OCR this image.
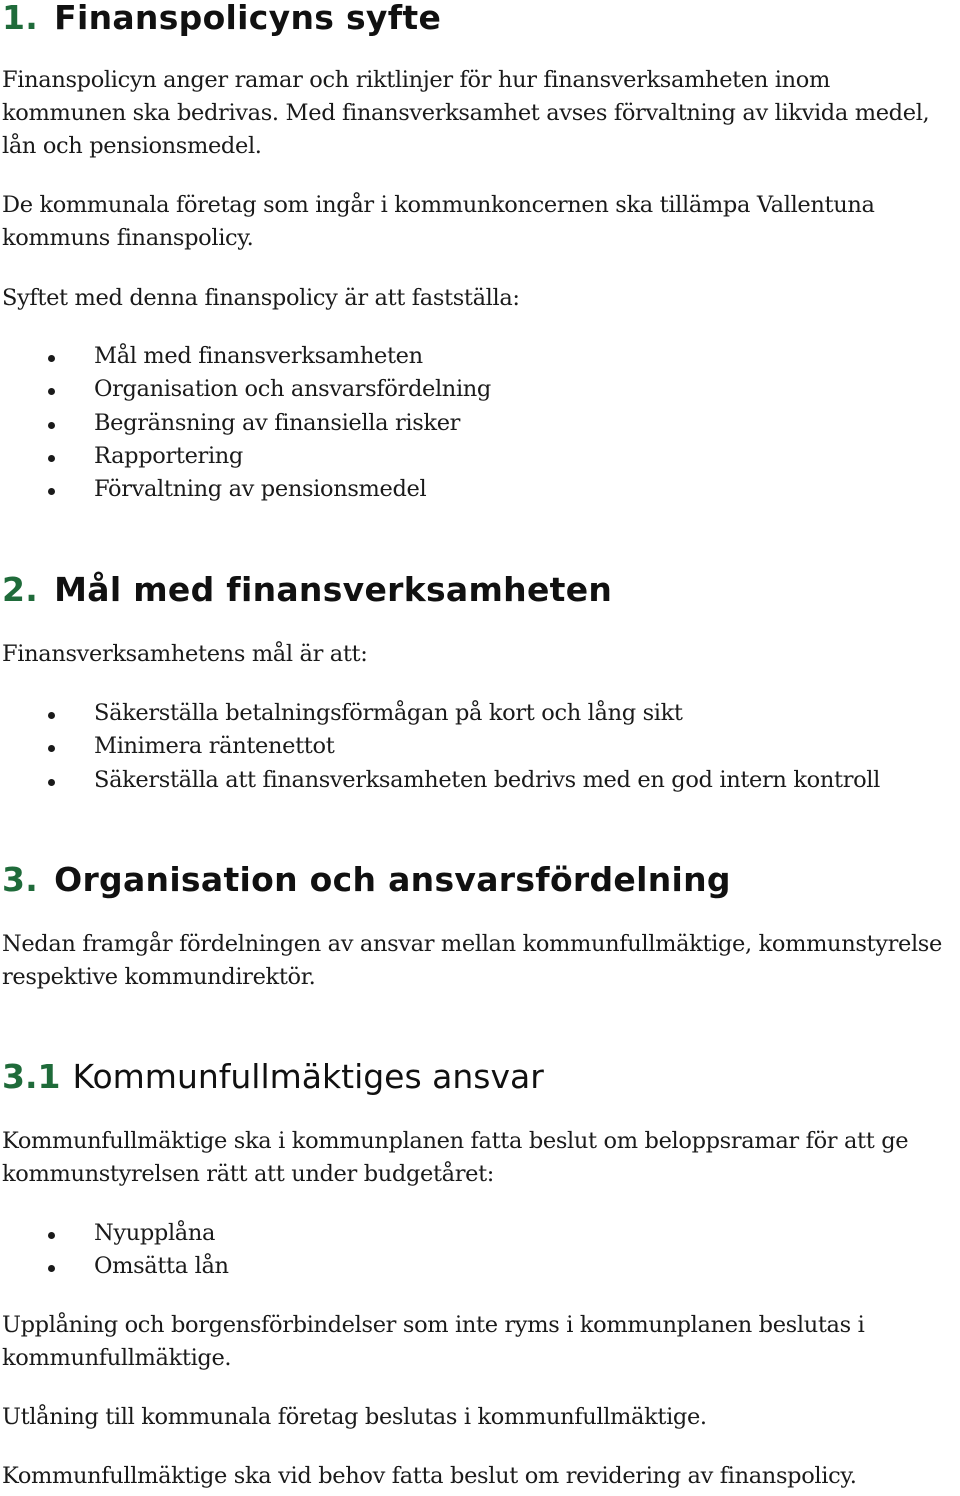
1. Finanspolicyns syfte
Finanspolicyn anger ramar och riktlinjer för hur finansverksamheten inom
kommunen ska bedrivas. Med finansverksamhet avses förvaltning av likvida medel,
lån och pensionsmedel.
De kommunala företag som ingår i kommunkoncernen ska tillämpa Vallentuna
kommuns finanspolicy.
Syftet med denna finanspolicy är att fastställa:
Mål med finansverksamheten
Organisation och ansvarsfördelning
Begränsning av finansiella risker
Rapportering
Förvaltning av pensionsmedel
2. Mål med finansverksamheten
Finansverksamhetens mål är att:
Säkerställa betalningsförmågan på kort och lång sikt
Minimera räntenettot
Säkerställa att finansverksamheten bedrivs med en god intern kontroll
3. Organisation och ansvarsfördelning
Nedan framgår fördelningen av ansvar mellan kommunfullmäktige, kommunstyrelse
respektive kommundirektör.
3.1 Kommunfullmäktiges ansvar
Kommunfullmäktige ska i kommunplanen fatta beslut om beloppsramar för att ge
kommunstyrelsen rätt att under budgetåret:
Nyupplåna
Omsätta lån
Upplåning och borgensförbindelser som inte ryms i kommunplanen beslutas i
kommunfullmäktige.
Utlåning till kommunala företag beslutas i kommunfullmäktige.
Kommunfullmäktige ska vid behov fatta beslut om revidering av finanspolicy.
